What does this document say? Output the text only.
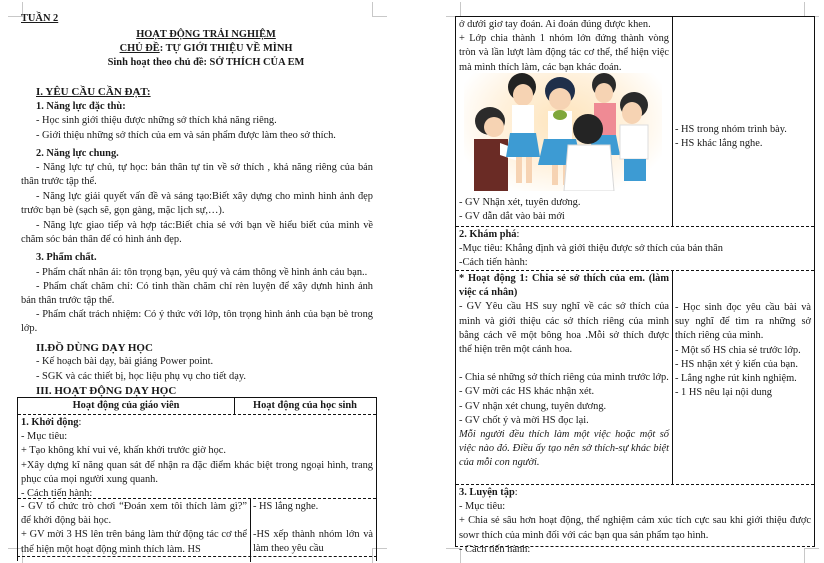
TUẦN 2
HOẠT ĐỘNG TRẢI NGHIỆM
CHỦ ĐỀ: TỰ GIỚI THIỆU VỀ MÌNH
Sinh hoạt theo chủ đề: SỞ THÍCH CỦA EM
I. YÊU CẦU CẦN ĐẠT:
1. Năng lực đặc thù:
- Học sinh giới thiệu được những sở thích khả năng riêng.
- Giới thiệu những sở thích của em và sản phẩm được làm theo sở thích.
2. Năng lực chung.
- Năng lực tự chủ, tự học: bản thân tự tin về sở thích , khả năng riêng của bản thân trước tập thể.
- Năng lực giải quyết vấn đề và sáng tạo:Biết xây dựng cho mình hình ảnh đẹp trước bạn bè (sạch sẽ, gọn gàng, mặc lịch sự,…).
- Năng lực giao tiếp và hợp tác:Biết chia sẻ với bạn về hiểu biết của mình về chăm sóc bản thân để có hình ảnh đẹp.
3. Phẩm chất.
- Phẩm chất nhân ái: tôn trọng bạn, yêu quý và cảm thông về hình ảnh cảu bạn..
- Phẩm chất chăm chỉ: Có tinh thần chăm chỉ rèn luyện để xây dựnh hình ảnh bản thân trước tập thể.
- Phẩm chất trách nhiệm: Có ý thức với lớp, tôn trọng hình ảnh của bạn bè trong lớp.
II.ĐỒ DÙNG DẠY HỌC
- Kế hoạch bài dạy, bài giảng Power point.
- SGK và các thiết bị, học liệu phụ vụ cho tiết dạy.
III. HOẠT ĐỘNG DẠY HỌC
Hoạt động của giáo viên	Hoạt động của học sinh
1. Khởi động:
- Mục tiêu:
+ Tạo không khí vui vẻ, khấn khởi trước giờ học.
+Xây dựng kĩ năng quan sát để nhận ra đặc điểm khác biệt trong ngoại hình, trang phục của mọi người xung quanh.
- Cách tiến hành:
- GV tổ chức trò chơi “Đoán xem tôi thích làm gì?” để khởi động bài học.
+ GV mời 3 HS lên trên bảng làm thử động tác cơ thể thể hiện một hoạt động mình thích làm. HS
- HS lắng nghe.
-HS xếp thành nhóm lớn và làm theo yêu cầu
ở dưới giơ tay đoán. Ai đoán đúng được khen.
+ Lớp chia thành 1 nhóm lớn đứng thành vòng tròn và lần lượt làm động tác cơ thể, thể hiện việc mà mình thích làm, các bạn khác đoán.
- GV Nhận xét, tuyên dương.
- GV dẫn dắt vào bài mới
- HS trong nhóm trình bày.
- HS khác lắng nghe.
2. Khám phá:
-Mục tiêu: Khẳng định và giới thiệu được sở thích của bản thân
-Cách tiến hành:
* Hoạt động 1: Chia sẻ sở thích của em. (làm việc cá nhân)
- GV Yêu cầu HS suy nghĩ về các sở thích của mình và giới thiệu các sở thích riêng của mình bằng cách vẽ một bông hoa .Mỗi sở thích được thể hiện trên một cánh hoa.
- Chia sẻ những sở thích riêng của mình trước lớp.
- GV mời các HS khác nhận xét.
- GV nhận xét chung, tuyên dương.
- GV chốt ý và mời HS đọc lại.
Mỗi người đều thích làm một việc hoặc một số việc nào đó. Điều ấy tạo nên sở thích-sự khác biệt của mỗi con người.
- Học sinh đọc yêu cầu bài và suy nghĩ để tìm ra những sở thích riêng của mình.
- Một số HS chia sẻ trước lớp.
- HS nhận xét ý kiến của bạn.
- Lắng nghe rút kinh nghiệm.
- 1 HS nêu lại nội dung
3. Luyện tập:
- Mục tiêu:
+ Chia sẻ sâu hơn hoạt động, thể nghiệm cảm xúc tích cực sau khi giới thiệu được sowr thích của mình đối với các bạn qua sản phẩm tạo hình.
- Cách tiến hành:
